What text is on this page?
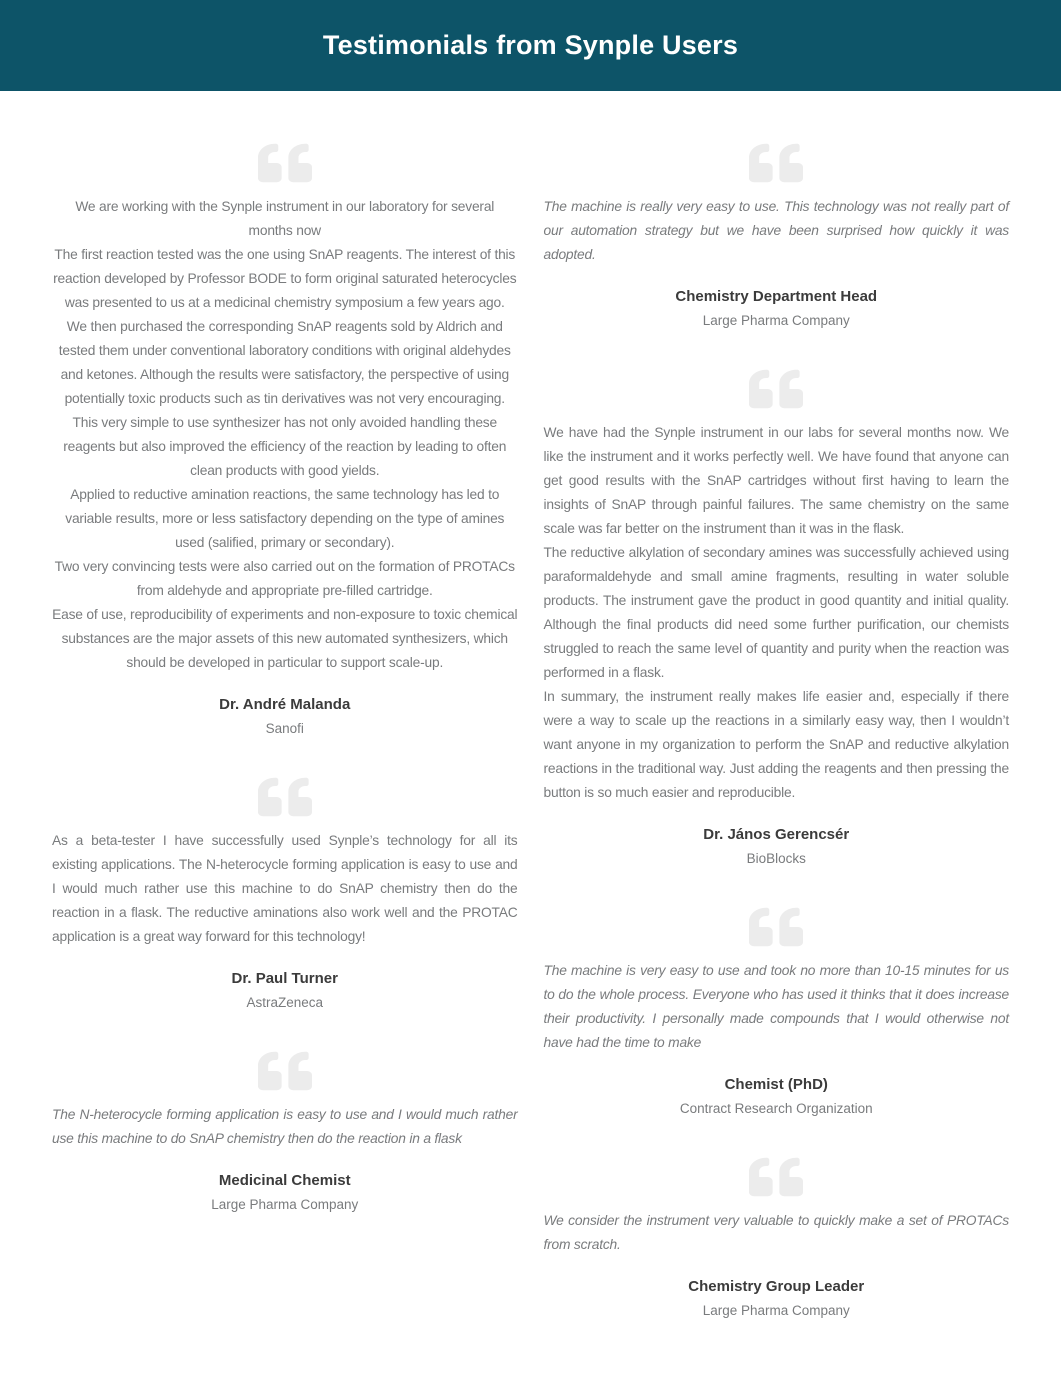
Testimonials from Synple Users

We are working with the Synple instrument in our laboratory for several months now

The first reaction tested was the one using SnAP reagents. The interest of this reaction developed by Professor BODE to form original saturated heterocycles was presented to us at a medicinal chemistry symposium a few years ago.

We then purchased the corresponding SnAP reagents sold by Aldrich and tested them under conventional laboratory conditions with original aldehydes and ketones. Although the results were satisfactory, the perspective of using potentially toxic products such as tin derivatives was not very encouraging. This very simple to use synthesizer has not only avoided handling these reagents but also improved the efficiency of the reaction by leading to often clean products with good yields.

Applied to reductive amination reactions, the same technology has led to variable results, more or less satisfactory depending on the type of amines used (salified, primary or secondary).

Two very convincing tests were also carried out on the formation of PROTACs from aldehyde and appropriate pre-filled cartridge.

Ease of use, reproducibility of experiments and non-exposure to toxic chemical substances are the major assets of this new automated synthesizers, which should be developed in particular to support scale-up.

Dr. André Malanda
Sanofi

As a beta-tester I have successfully used Synple’s technology for all its existing applications. The N-heterocycle forming application is easy to use and I would much rather use this machine to do SnAP chemistry then do the reaction in a flask. The reductive aminations also work well and the PROTAC application is a great way forward for this technology!

Dr. Paul Turner
AstraZeneca

The N-heterocycle forming application is easy to use and I would much rather use this machine to do SnAP chemistry then do the reaction in a flask

Medicinal Chemist
Large Pharma Company

The machine is really very easy to use. This technology was not really part of our automation strategy but we have been surprised how quickly it was adopted.

Chemistry Department Head
Large Pharma Company

We have had the Synple instrument in our labs for several months now. We like the instrument and it works perfectly well. We have found that anyone can get good results with the SnAP cartridges without first having to learn the insights of SnAP through painful failures. The same chemistry on the same scale was far better on the instrument than it was in the flask.

The reductive alkylation of secondary amines was successfully achieved using paraformaldehyde and small amine fragments, resulting in water soluble products. The instrument gave the product in good quantity and initial quality. Although the final products did need some further purification, our chemists struggled to reach the same level of quantity and purity when the reaction was performed in a flask.

In summary, the instrument really makes life easier and, especially if there were a way to scale up the reactions in a similarly easy way, then I wouldn’t want anyone in my organization to perform the SnAP and reductive alkylation reactions in the traditional way. Just adding the reagents and then pressing the button is so much easier and reproducible.

Dr. János Gerencsér
BioBlocks

The machine is very easy to use and took no more than 10-15 minutes for us to do the whole process. Everyone who has used it thinks that it does increase their productivity. I personally made compounds that I would otherwise not have had the time to make

Chemist (PhD)
Contract Research Organization

We consider the instrument very valuable to quickly make a set of PROTACs from scratch.

Chemistry Group Leader
Large Pharma Company
